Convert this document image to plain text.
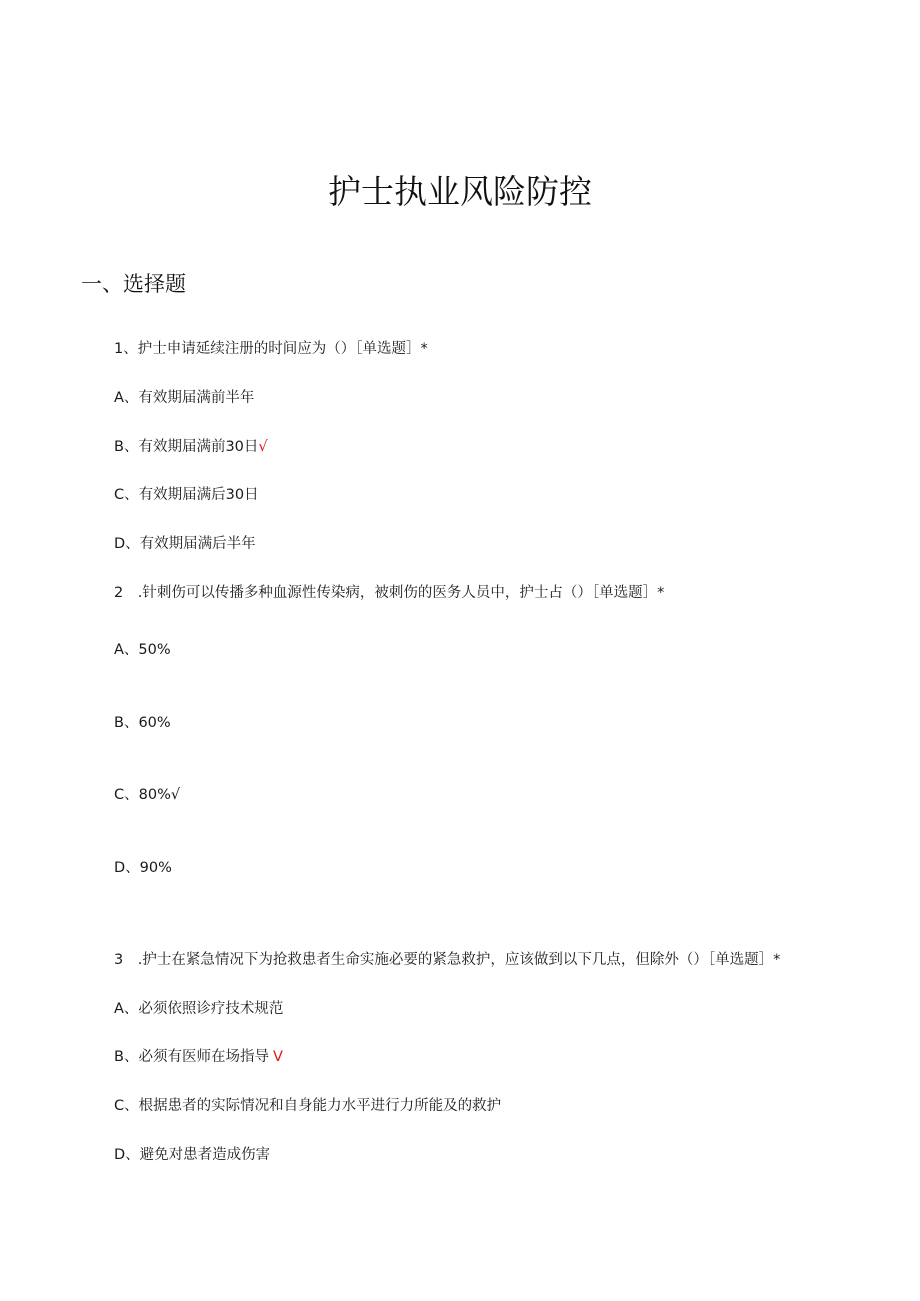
护士执业风险防控
一、选择题
1、护士申请延续注册的时间应为（）［单选题］*
A、有效期届满前半年
B、有效期届满前30日√
C、有效期届满后30日
D、有效期届满后半年
2　.针刺伤可以传播多种血源性传染病，被刺伤的医务人员中，护士占（）［单选题］*
A、50%
B、60%
C、80%√
D、90%
3　.护士在紧急情况下为抢救患者生命实施必要的紧急救护，应该做到以下几点，但除外（）［单选题］*
A、必须依照诊疗技术规范
B、必须有医师在场指导 V
C、根据患者的实际情况和自身能力水平进行力所能及的救护
D、避免对患者造成伤害
